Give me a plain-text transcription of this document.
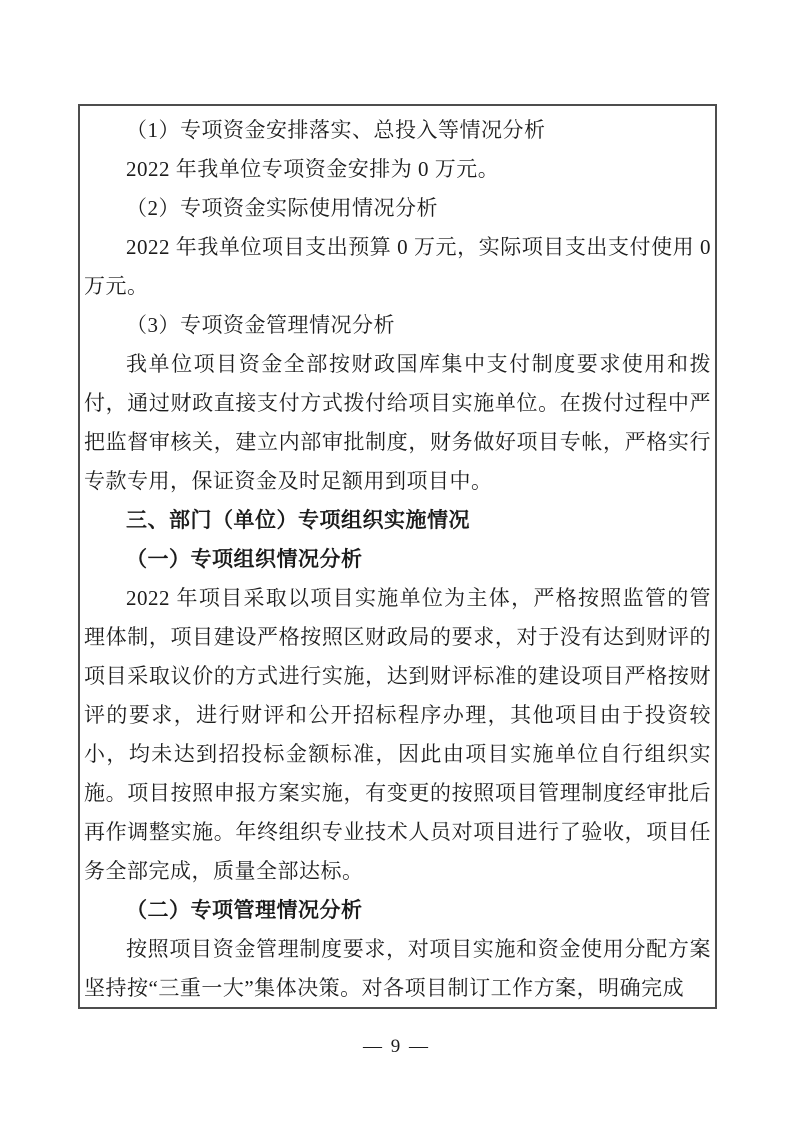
（1）专项资金安排落实、总投入等情况分析

2022 年我单位专项资金安排为 0 万元。

（2）专项资金实际使用情况分析

2022 年我单位项目支出预算 0 万元，实际项目支出支付使用 0 万元。

（3）专项资金管理情况分析

我单位项目资金全部按财政国库集中支付制度要求使用和拨付，通过财政直接支付方式拨付给项目实施单位。在拨付过程中严把监督审核关，建立内部审批制度，财务做好项目专帐，严格实行专款专用，保证资金及时足额用到项目中。

三、部门（单位）专项组织实施情况

（一）专项组织情况分析

2022 年项目采取以项目实施单位为主体，严格按照监管的管理体制，项目建设严格按照区财政局的要求，对于没有达到财评的项目采取议价的方式进行实施，达到财评标准的建设项目严格按财评的要求，进行财评和公开招标程序办理，其他项目由于投资较小，均未达到招投标金额标准，因此由项目实施单位自行组织实施。项目按照申报方案实施，有变更的按照项目管理制度经审批后再作调整实施。年终组织专业技术人员对项目进行了验收，项目任务全部完成，质量全部达标。

（二）专项管理情况分析

按照项目资金管理制度要求，对项目实施和资金使用分配方案坚持按“三重一大”集体决策。对各项目制订工作方案，明确完成

— 9 —
